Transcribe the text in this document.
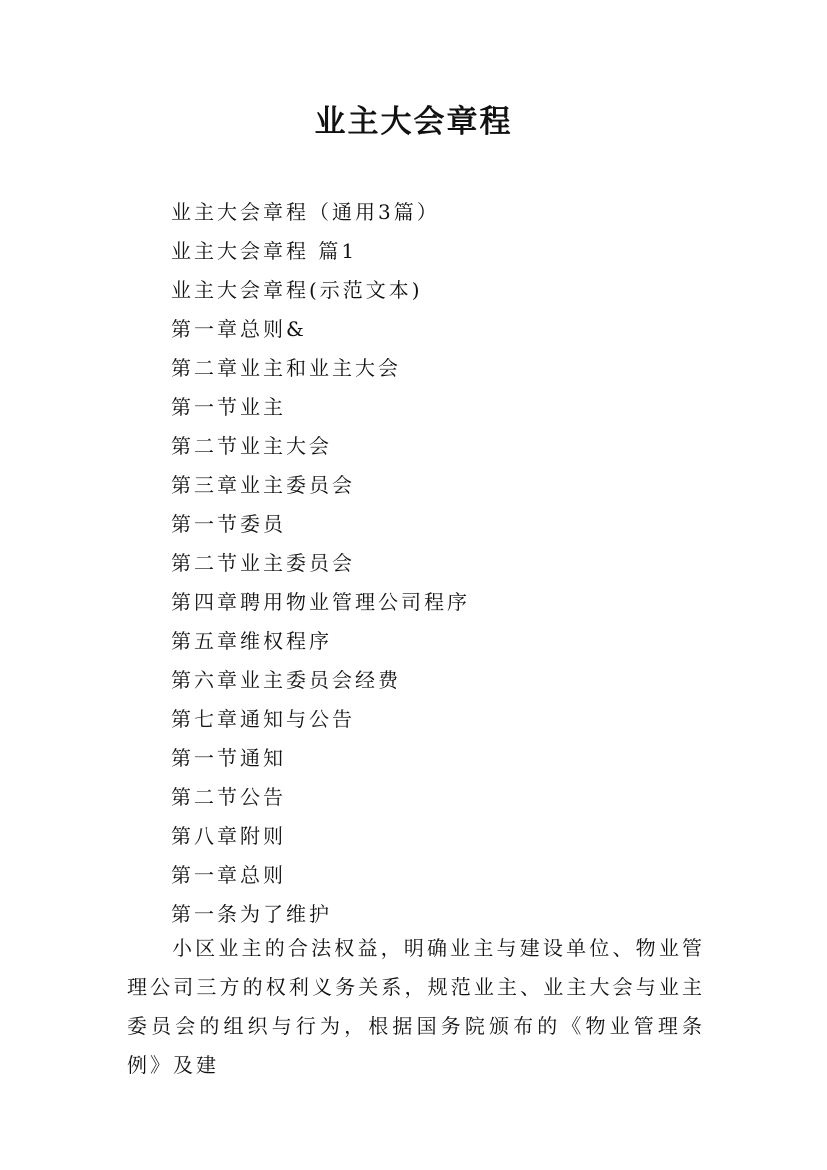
业主大会章程
业主大会章程（通用3篇）
业主大会章程 篇1
业主大会章程(示范文本)
第一章总则&
第二章业主和业主大会
第一节业主
第二节业主大会
第三章业主委员会
第一节委员
第二节业主委员会
第四章聘用物业管理公司程序
第五章维权程序
第六章业主委员会经费
第七章通知与公告
第一节通知
第二节公告
第八章附则
第一章总则
第一条为了维护

小区业主的合法权益，明确业主与建设单位、物业管理公司三方的权利义务关系，规范业主、业主大会与业主委员会的组织与行为，根据国务院颁布的《物业管理条例》及建
